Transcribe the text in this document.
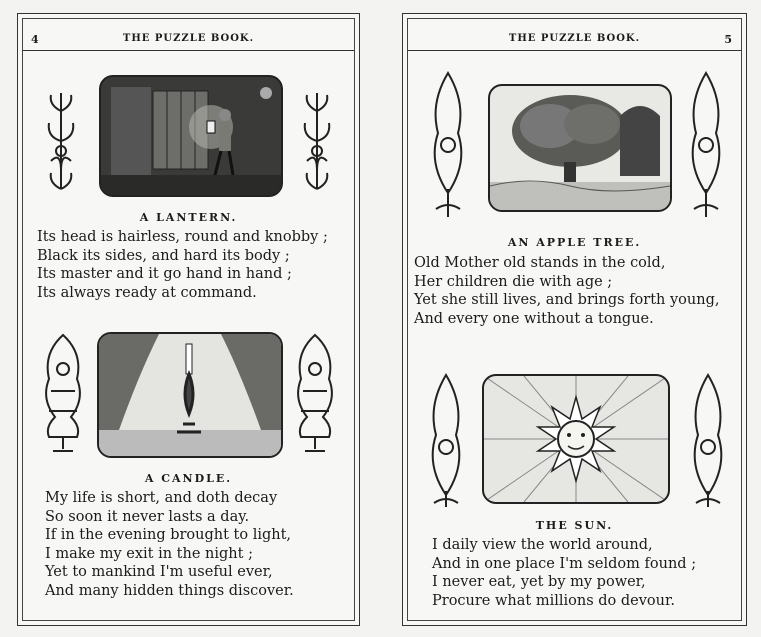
4	THE PUZZLE BOOK.
A LANTERN.
Its head is hairless, round and knobby ;
Black its sides, and hard its body ;
Its master and it go hand in hand ;
Its always ready at command.
A CANDLE.
My life is short, and doth decay
So soon it never lasts a day.
If in the evening brought to light,
I make my exit in the night ;
Yet to mankind I'm useful ever,
And many hidden things discover.
THE PUZZLE BOOK.	5
AN APPLE TREE.
Old Mother old stands in the cold,
Her children die with age ;
Yet she still lives, and brings forth young,
And every one without a tongue.
THE SUN.
I daily view the world around,
And in one place I'm seldom found ;
I never eat, yet by my power,
Procure what millions do devour.
